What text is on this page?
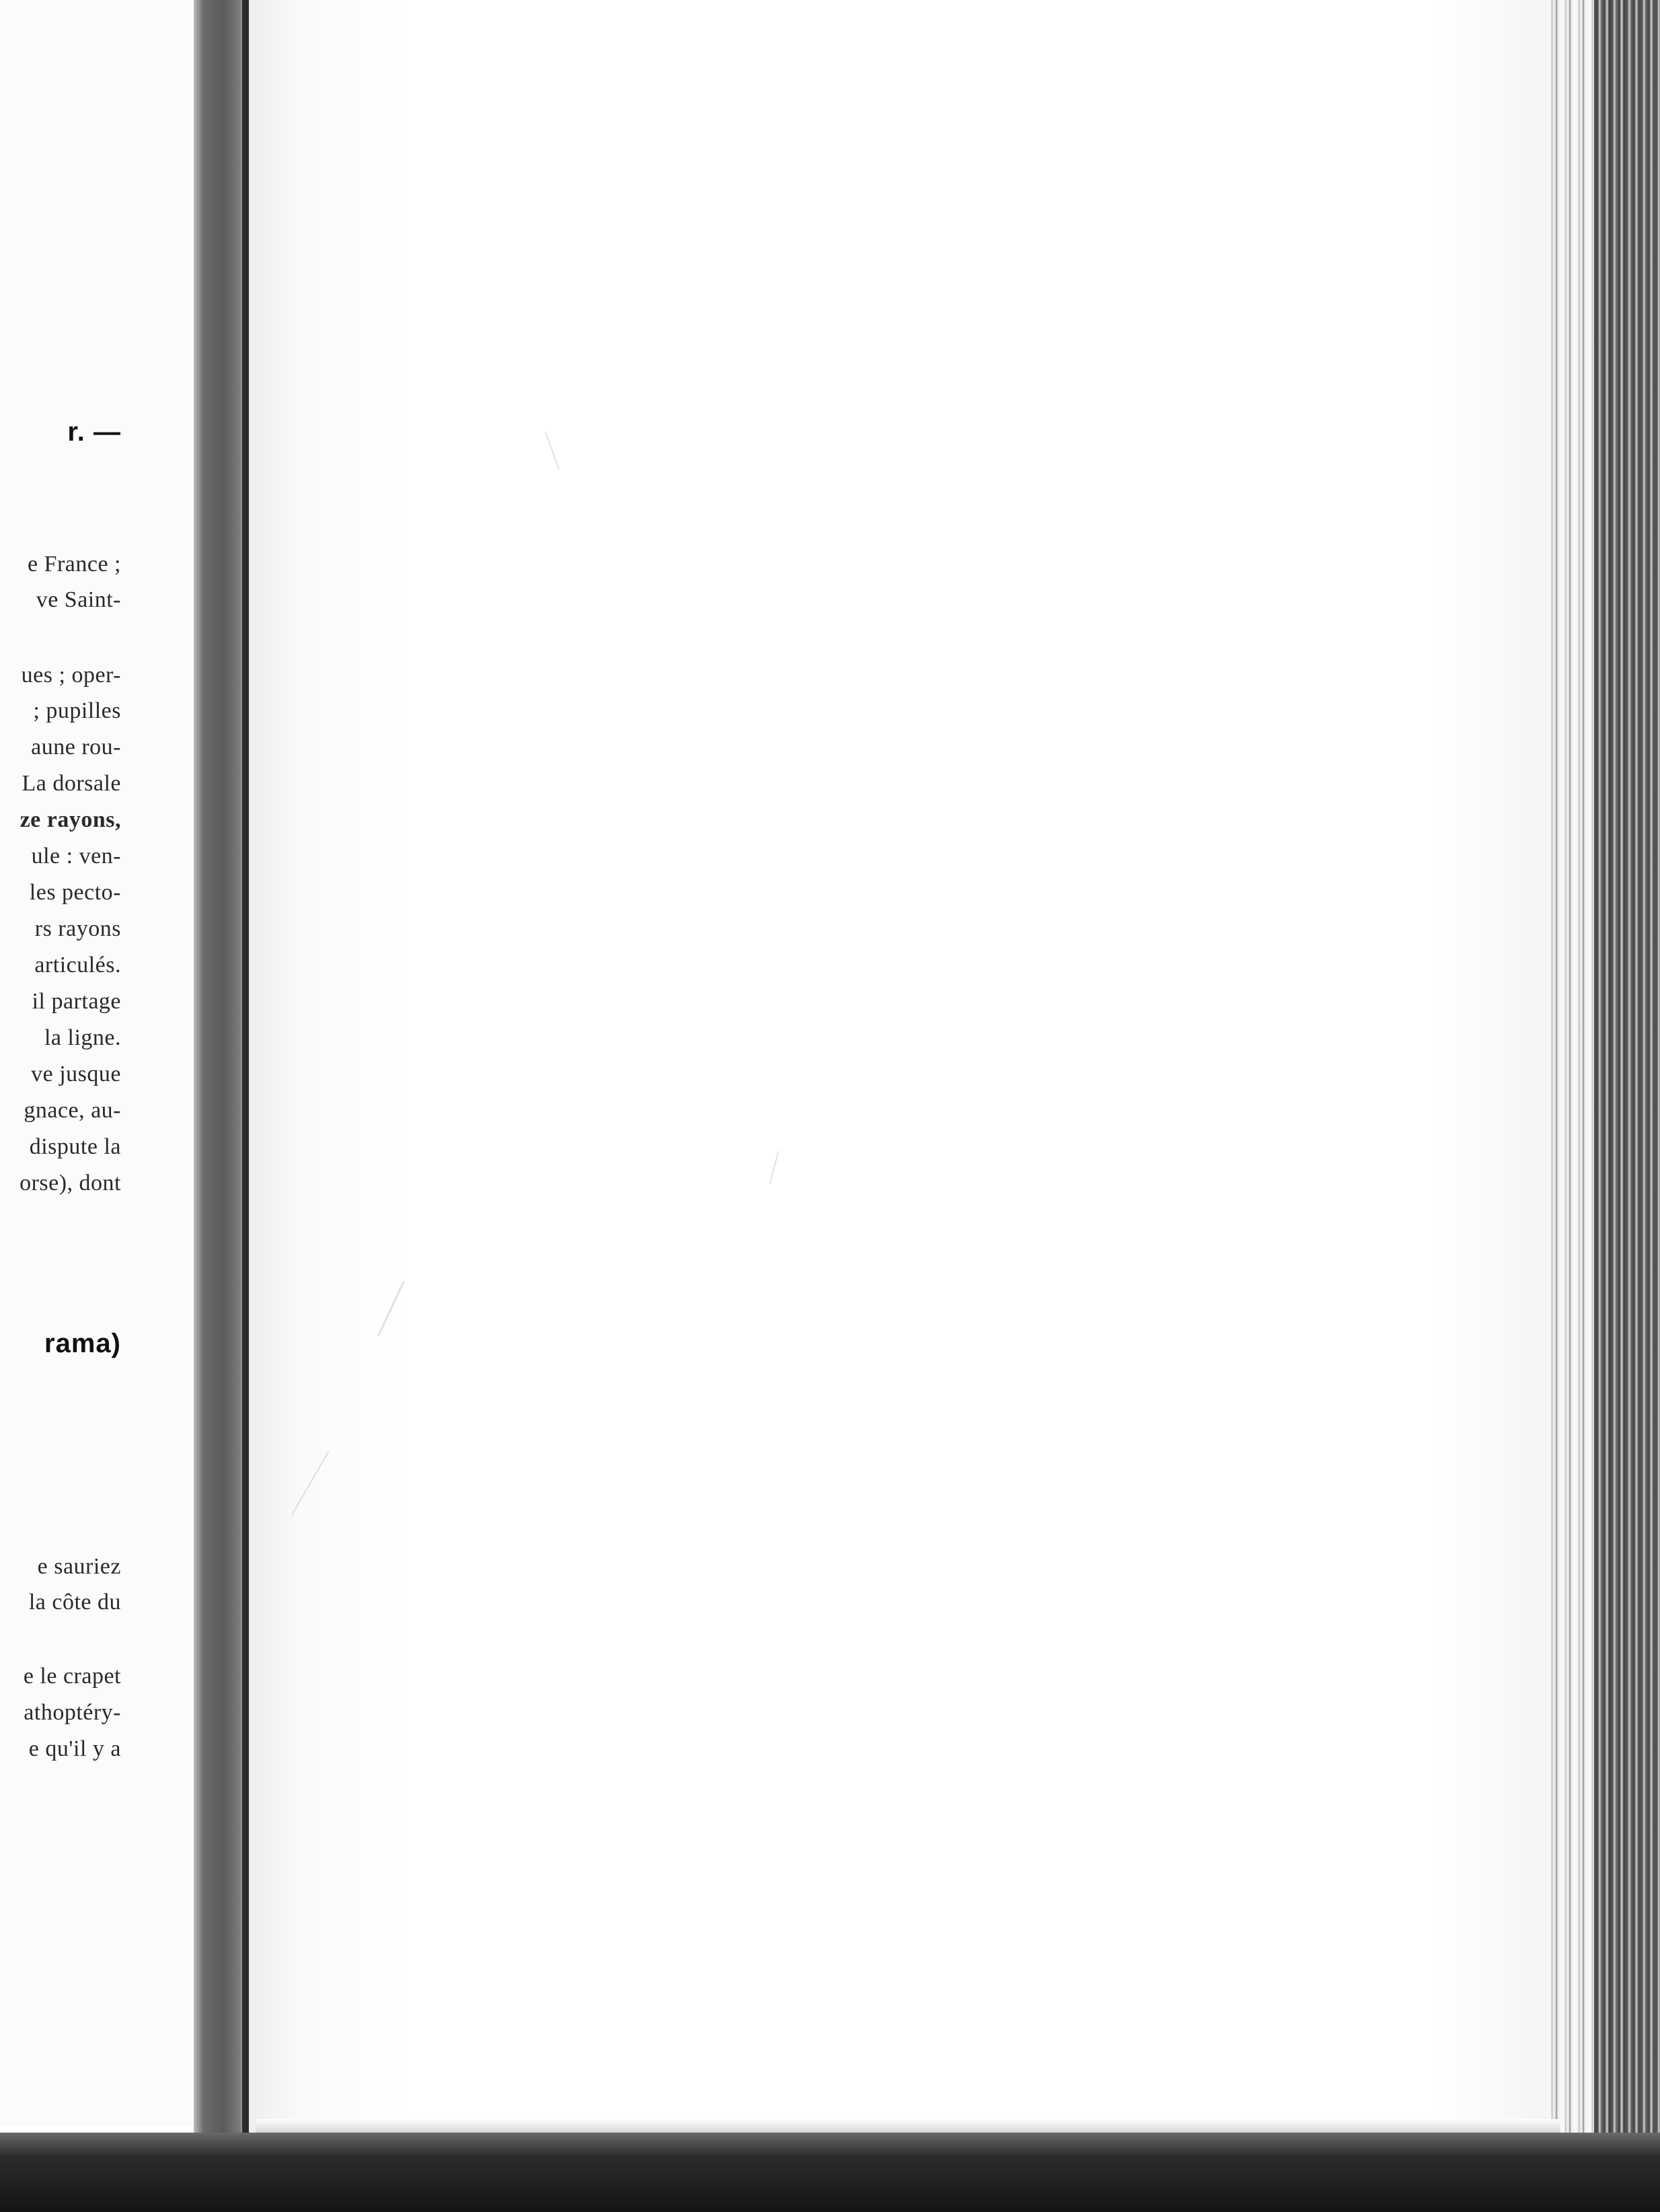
r. —
e France ;
ve Saint-
ues ; oper-
; pupilles
aune rou-
La dorsale
ze rayons,
ule : ven-
les pecto-
rs rayons
articulés.
il partage
la ligne.
ve jusque
gnace, au-
dispute la
orse), dont
rama)
e sauriez
la côte du
e le crapet
athoptéry-
e qu'il y a
